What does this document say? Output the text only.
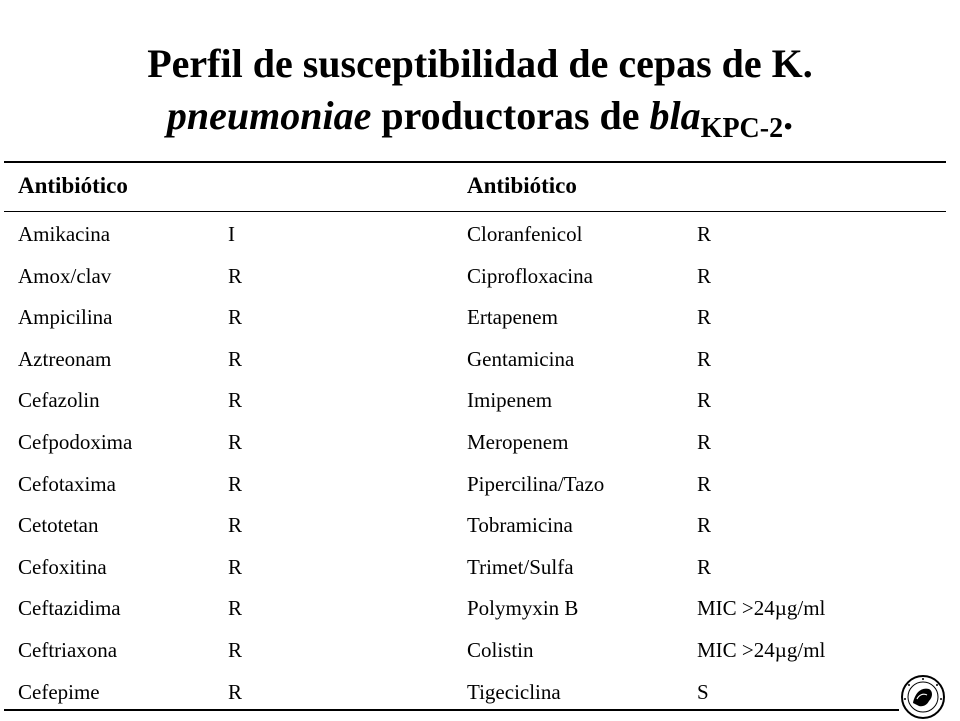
Perfil de susceptibilidad de cepas de K.
pneumoniae productoras de bla$_{KPC-2}$.
Antibiótico	Antibiótico
Amikacina	I	Cloranfenicol	R
Amox/clav	R	Ciprofloxacina	R
Ampicilina	R	Ertapenem	R
Aztreonam	R	Gentamicina	R
Cefazolin	R	Imipenem	R
Cefpodoxima	R	Meropenem	R
Cefotaxima	R	Pipercilina/Tazo	R
Cetotetan	R	Tobramicina	R
Cefoxitina	R	Trimet/Sulfa	R
Ceftazidima	R	Polymyxin B	MIC >24µg/ml
Ceftriaxona	R	Colistin	MIC >24µg/ml
Cefepime	R	Tigeciclina	S
